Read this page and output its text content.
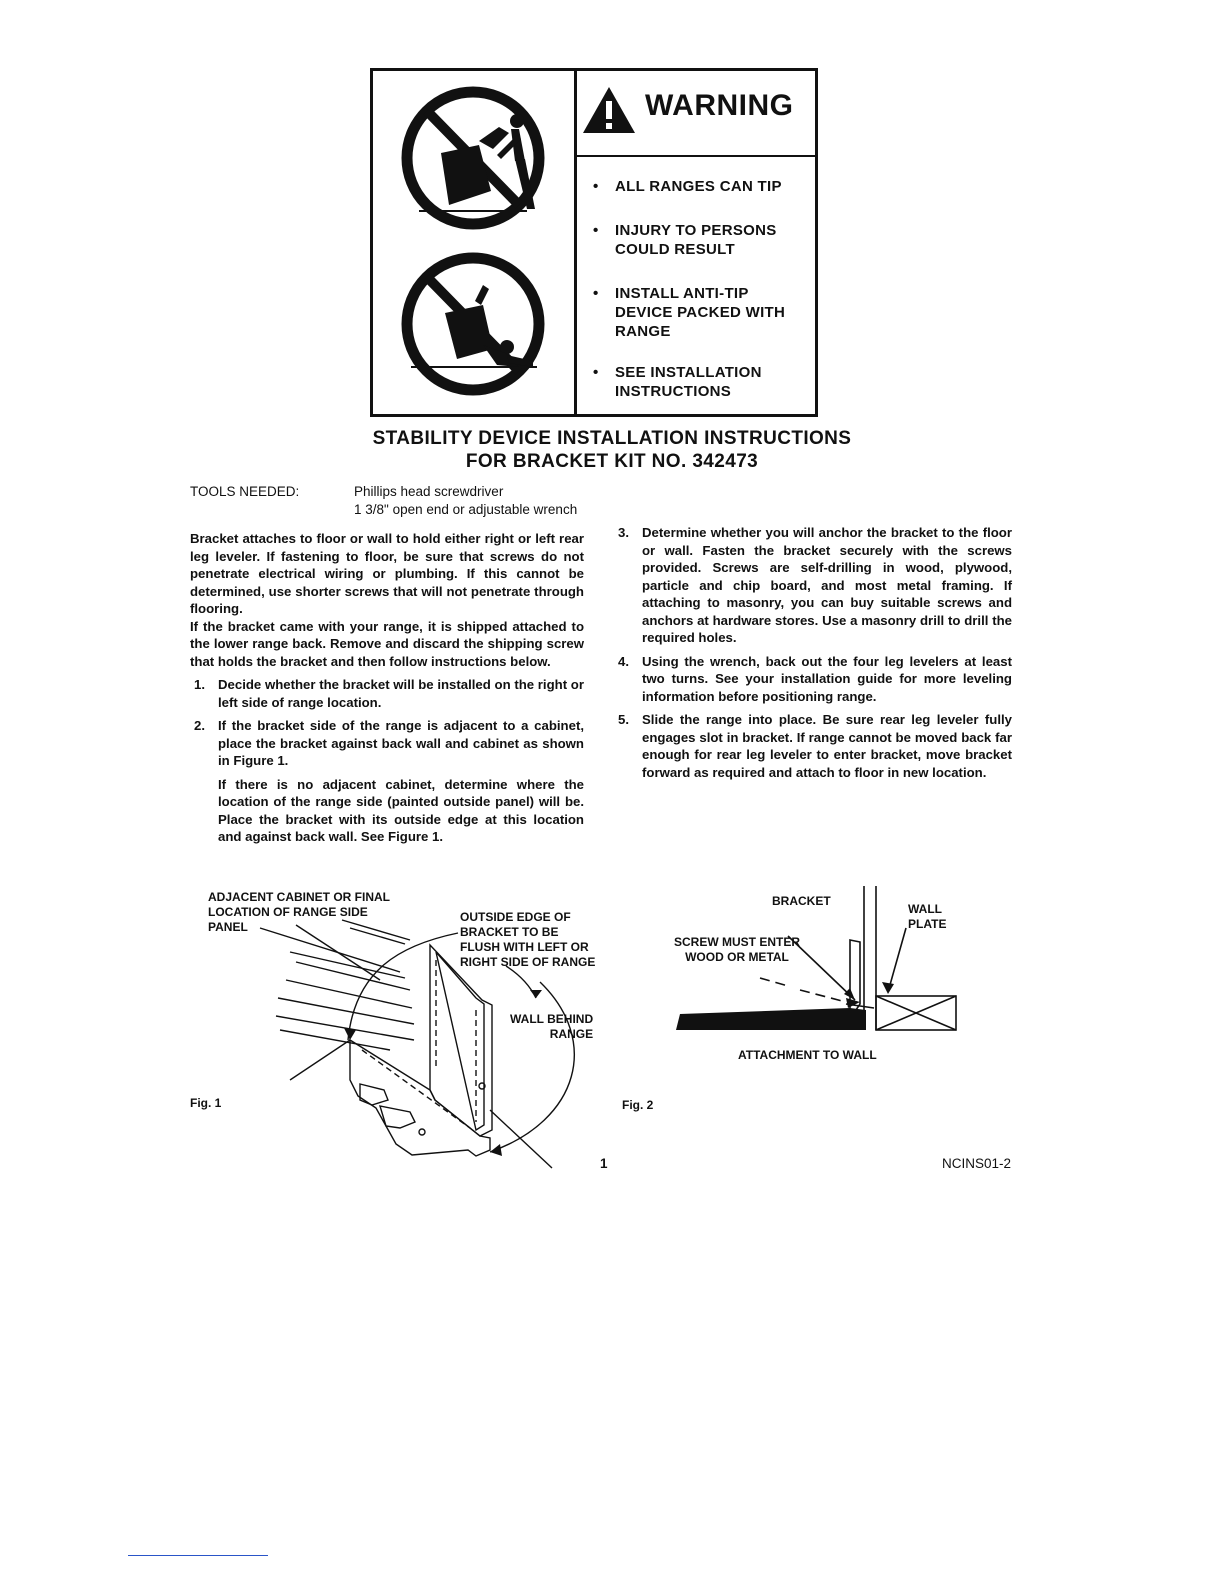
WARNING
• ALL RANGES CAN TIP
• INJURY TO PERSONS COULD RESULT
• INSTALL ANTI-TIP DEVICE PACKED WITH RANGE
• SEE INSTALLATION INSTRUCTIONS
STABILITY DEVICE INSTALLATION INSTRUCTIONS
FOR BRACKET KIT NO. 342473
TOOLS NEEDED:	Phillips head screwdriver
1 3/8" open end or adjustable wrench

Bracket attaches to floor or wall to hold either right or left rear leg leveler. If fastening to floor, be sure that screws do not penetrate electrical wiring or plumbing. If this cannot be determined, use shorter screws that will not penetrate through flooring.

If the bracket came with your range, it is shipped attached to the lower range back. Remove and discard the shipping screw that holds the bracket and then follow instructions below.

1. Decide whether the bracket will be installed on the right or left side of range location.

2. If the bracket side of the range is adjacent to a cabinet, place the bracket against back wall and cabinet as shown in Figure 1.

If there is no adjacent cabinet, determine where the location of the range side (painted outside panel) will be. Place the bracket with its outside edge at this location and against back wall. See Figure 1.

3. Determine whether you will anchor the bracket to the floor or wall. Fasten the bracket securely with the screws provided. Screws are self-drilling in wood, plywood, particle and chip board, and most metal framing. If attaching to masonry, you can buy suitable screws and anchors at hardware stores. Use a masonry drill to drill the required holes.

4. Using the wrench, back out the four leg levelers at least two turns. See your installation guide for more leveling information before positioning range.

5. Slide the range into place. Be sure rear leg leveler fully engages slot in bracket. If range cannot be moved back far enough for rear leg leveler to enter bracket, move bracket forward as required and attach to floor in new location.

ADJACENT CABINET OR FINAL
LOCATION OF RANGE SIDE
PANEL
OUTSIDE EDGE OF
BRACKET TO BE
FLUSH WITH LEFT OR
RIGHT SIDE OF RANGE
WALL BEHIND
RANGE
Fig. 1
BRACKET
WALL
PLATE
SCREW MUST ENTER
WOOD OR METAL
ATTACHMENT TO WALL
Fig. 2
1	NCINS01-2
